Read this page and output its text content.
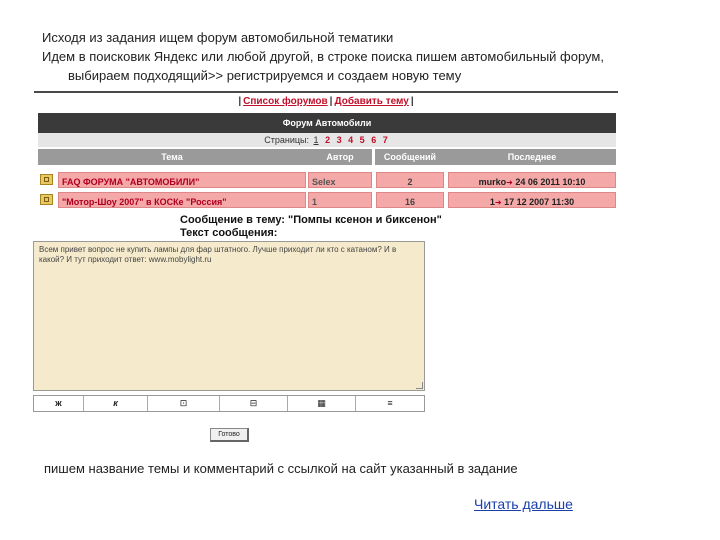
Исходя из задания ищем форум автомобильной тематики
Идем в поисковик Яндекс или любой другой, в строке поиска пишем автомобильный форум,
выбираем подходящий>> регистрируемся и создаем новую тему
| Список форумов | Добавить тему |
Форум Автомобили
Страницы: 1 2 3 4 5 6 7
Тема	Автор	Сообщений	Последнее
FAQ ФОРУМА "АВТОМОБИЛИ"	Selex	2	murko➜ 24 06 2011 10:10
"Мотор-Шоу 2007" в КОСКе "Россия"	1	16	1➜ 17 12 2007 11:30
Сообщение в тему: "Помпы ксенон и биксенон"
Текст сообщения:
Всем привет вопрос не купить лампы для фар штатного. Лучше приходит ли кто с катаном? И в какой? И тут приходит ответ: www.mobylight.ru
ж	к	⊡	⊟	▦	≡
Готово
пишем название темы и комментарий с ссылкой на сайт указанный в задание
Читать дальше
